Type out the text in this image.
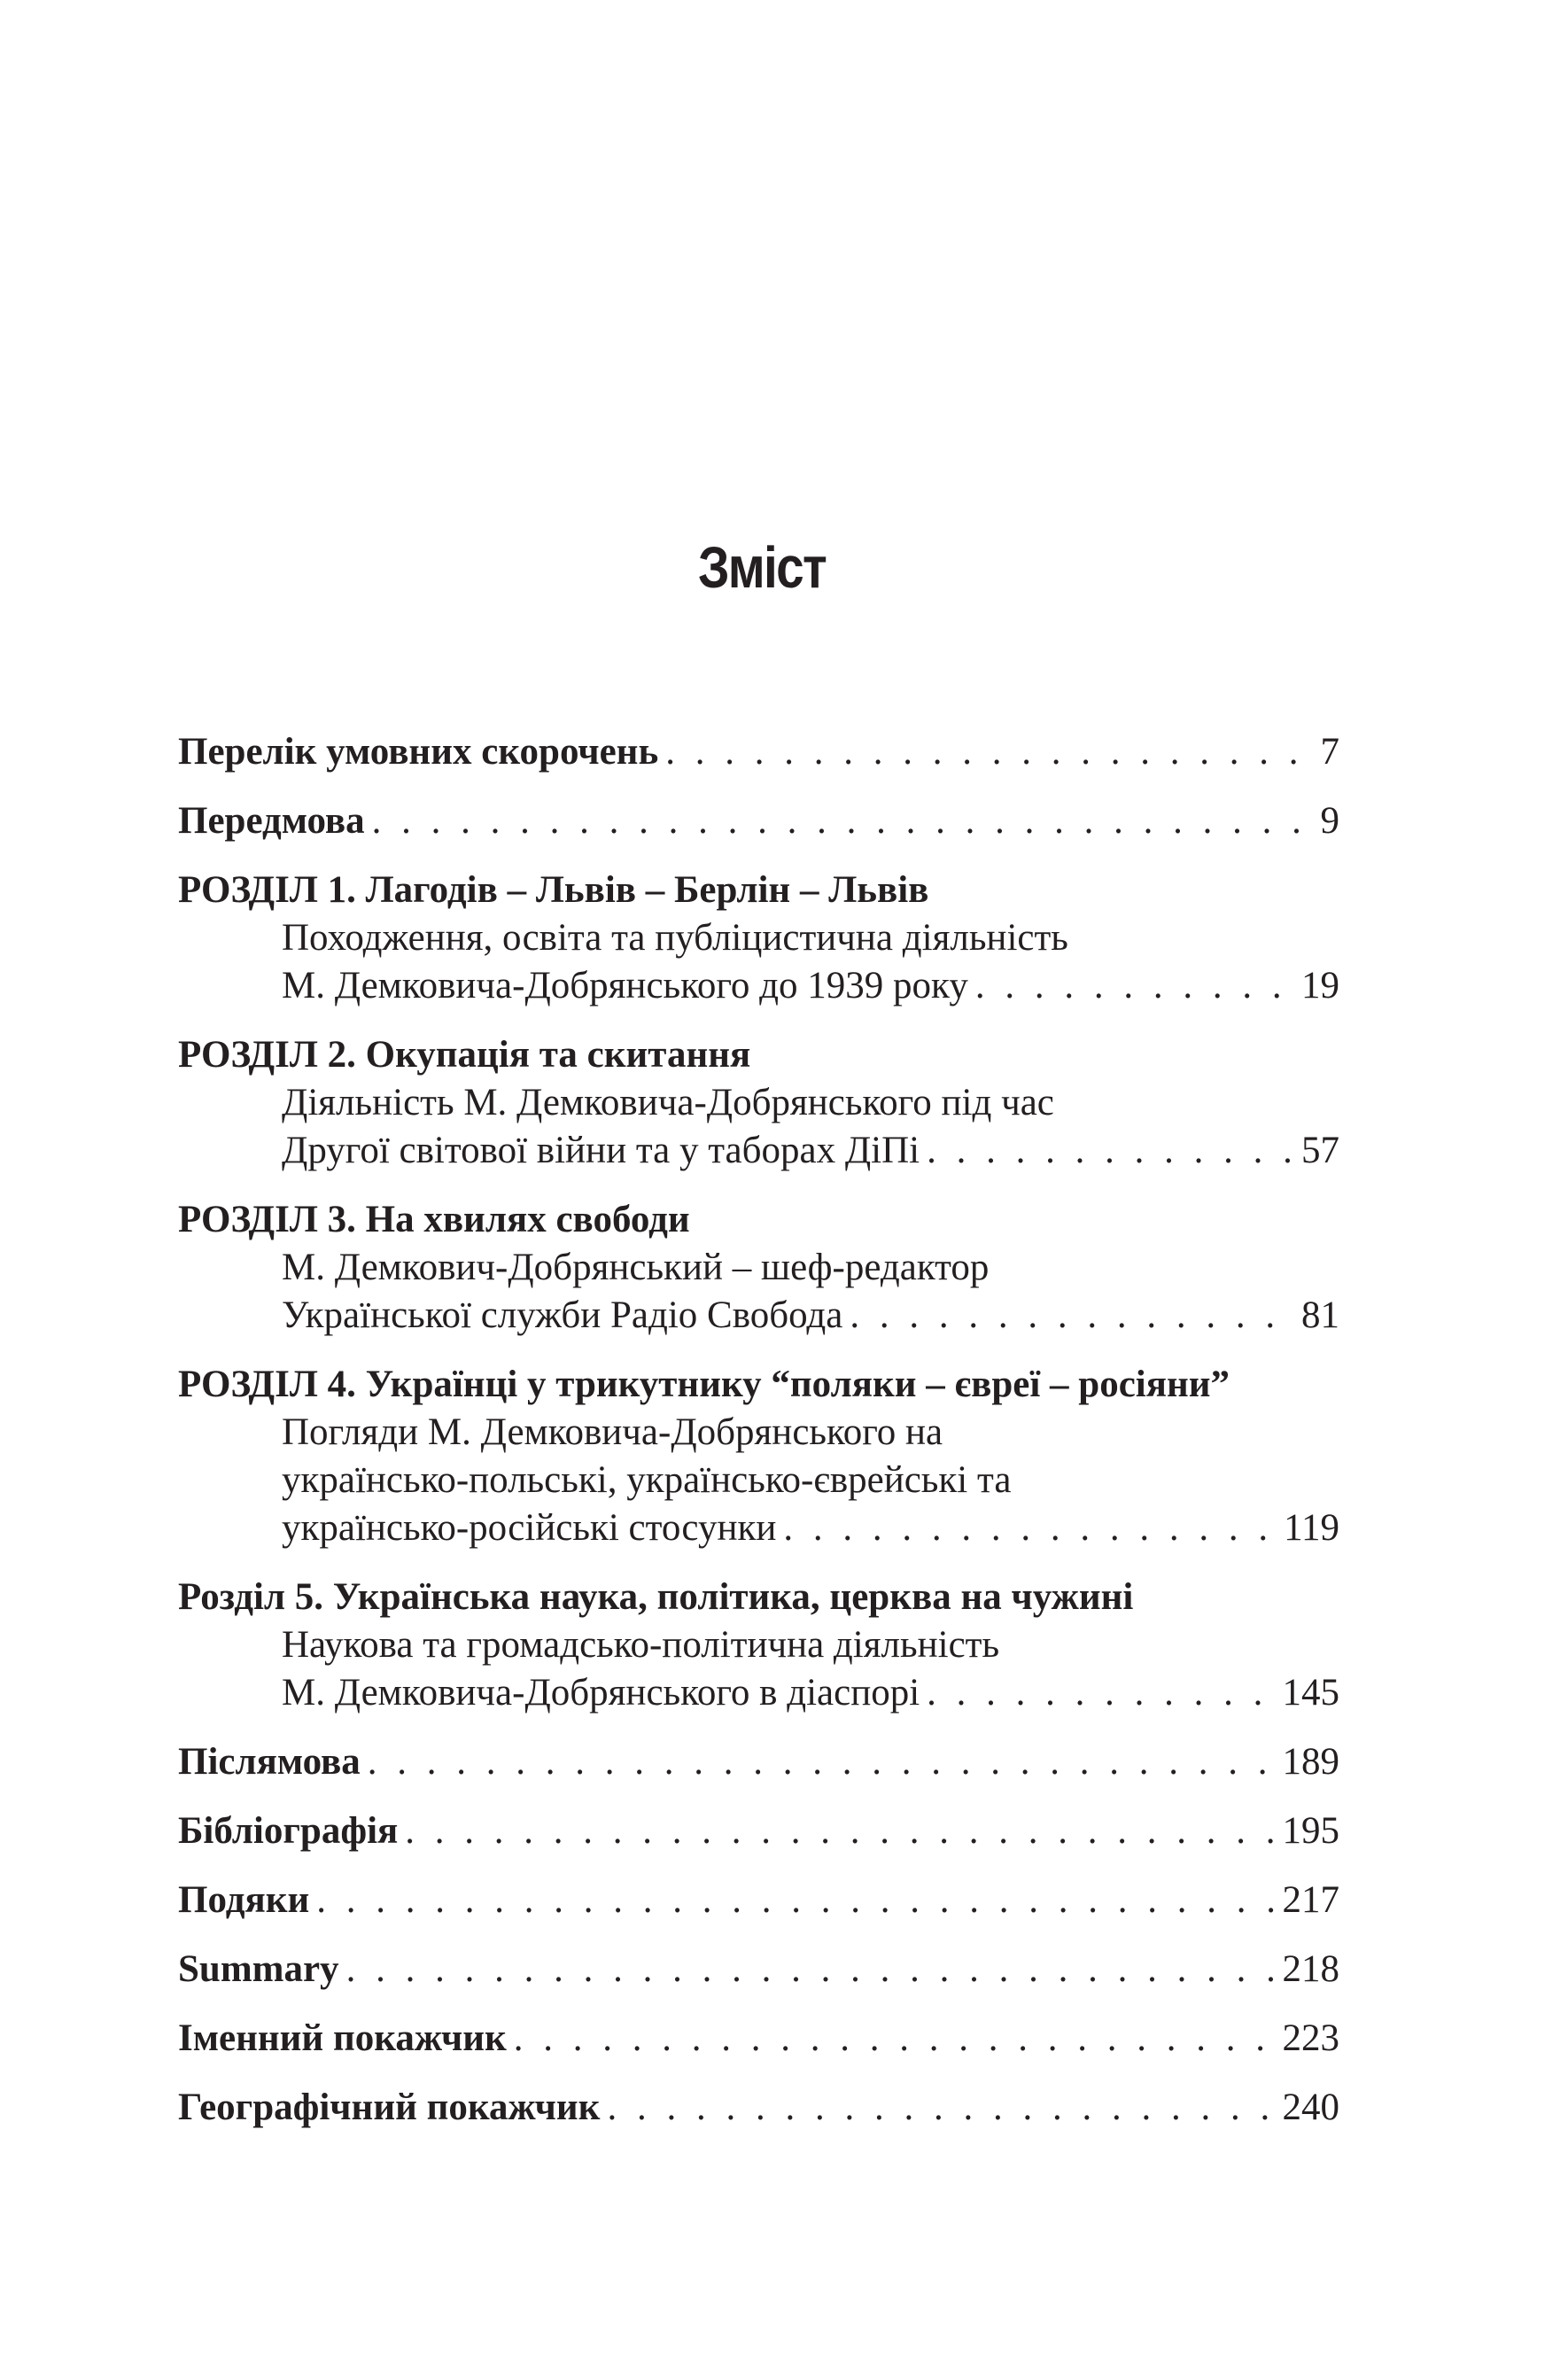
Зміст
Перелік умовних скорочень . . .	7
Передмова . . .	9
РОЗДІЛ 1. Лагодів – Львів – Берлін – Львів
Походження, освіта та публіцистична діяльність
М. Демковича-Добрянського до 1939 року . . .	19
РОЗДІЛ 2. Окупація та скитання
Діяльність М. Демковича-Добрянського під час
Другої світової війни та у таборах ДіПі . . .	57
РОЗДІЛ 3. На хвилях свободи
М. Демкович-Добрянський – шеф-редактор
Української служби Радіо Свобода . . .	81
РОЗДІЛ 4. Українці у трикутнику “поляки – євреї – росіяни”
Погляди М. Демковича-Добрянського на
українсько-польські, українсько-єврейські та
українсько-російські стосунки . . .	119
Розділ 5. Українська наука, політика, церква на чужині
Наукова та громадсько-політична діяльність
М. Демковича-Добрянського в діаспорі . . .	145
Післямова . . .	189
Бібліографія . . .	195
Подяки . . .	217
Summary . . .	218
Іменний покажчик . . .	223
Географічний покажчик . . .	240
